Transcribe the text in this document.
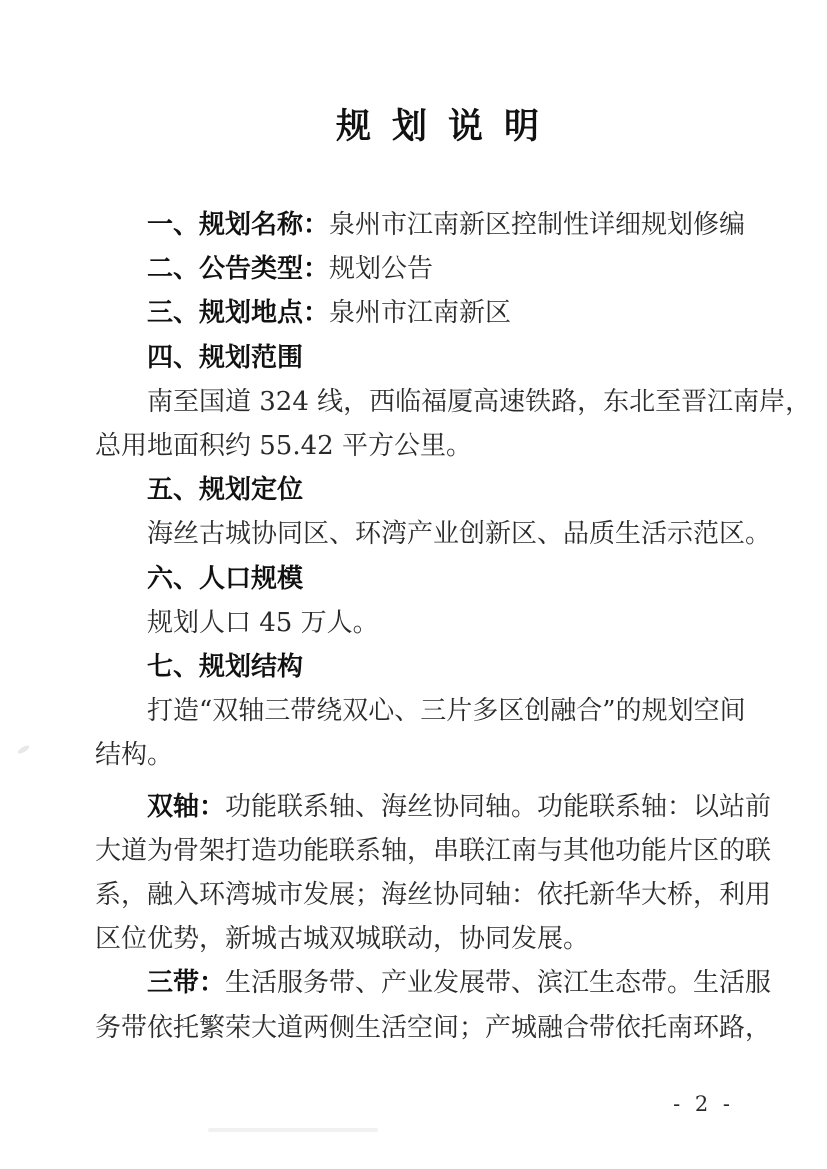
规划说明
一、规划名称：泉州市江南新区控制性详细规划修编
二、公告类型：规划公告
三、规划地点：泉州市江南新区
四、规划范围
南至国道 324 线，西临福厦高速铁路，东北至晋江南岸，
总用地面积约 55.42 平方公里。
五、规划定位
海丝古城协同区、环湾产业创新区、品质生活示范区。
六、人口规模
规划人口 45 万人。
七、规划结构
打造“双轴三带绕双心、三片多区创融合”的规划空间
结构。
双轴：功能联系轴、海丝协同轴。功能联系轴：以站前
大道为骨架打造功能联系轴，串联江南与其他功能片区的联
系，融入环湾城市发展；海丝协同轴：依托新华大桥，利用
区位优势，新城古城双城联动，协同发展。
三带：生活服务带、产业发展带、滨江生态带。生活服
务带依托繁荣大道两侧生活空间；产城融合带依托南环路，
- 2 -
